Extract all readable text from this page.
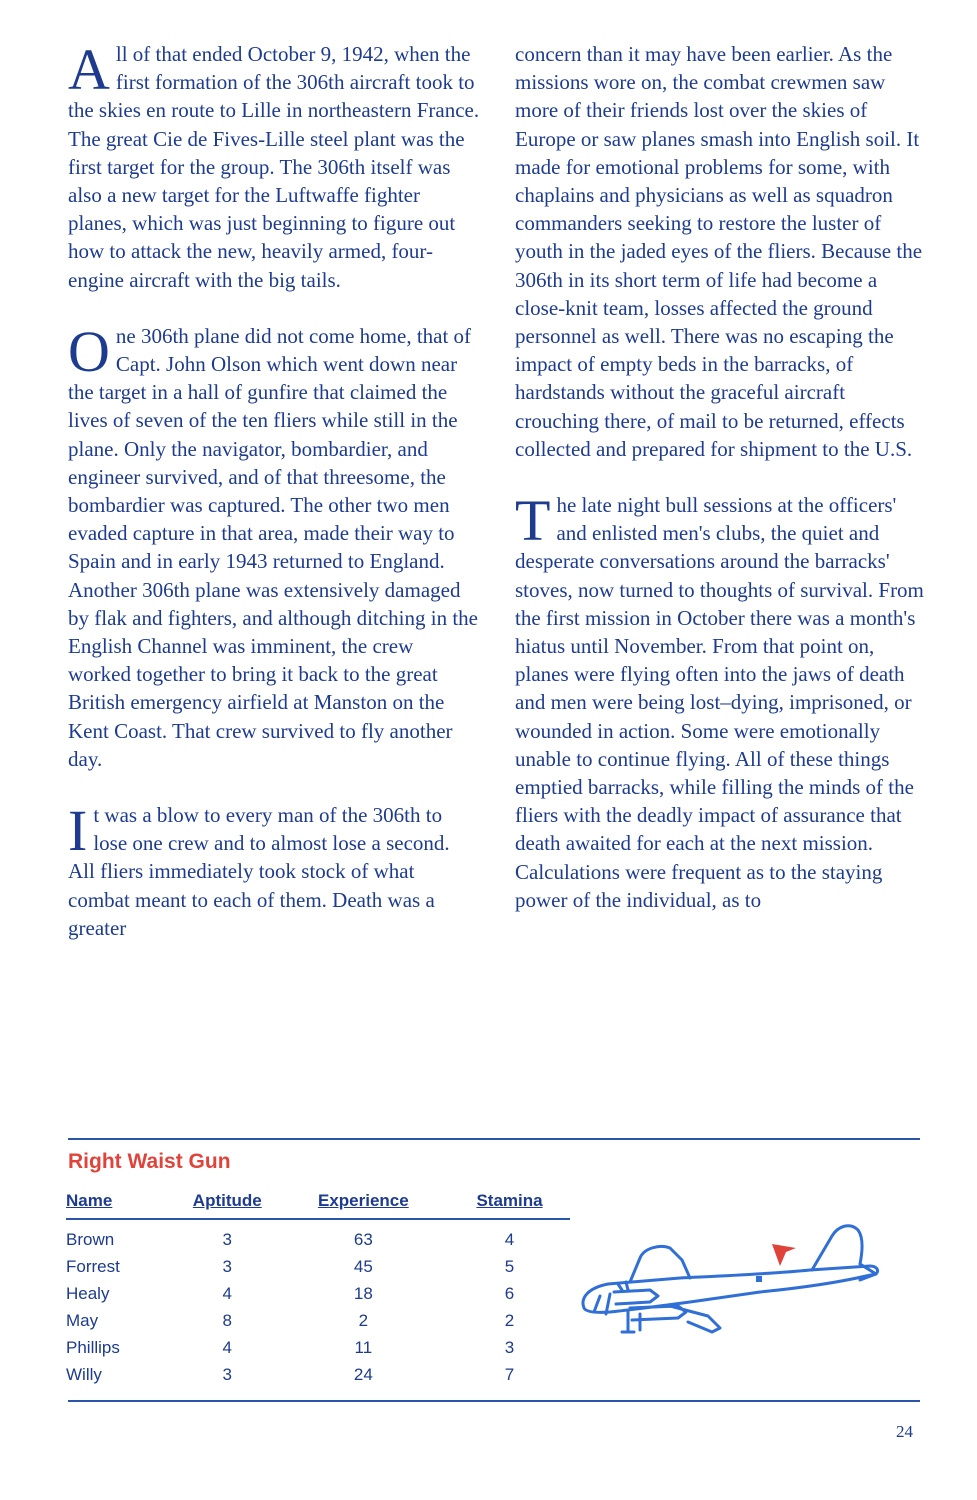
All of that ended October 9, 1942, when the first formation of the 306th aircraft took to the skies en route to Lille in northeastern France. The great Cie de Fives-Lille steel plant was the first target for the group. The 306th itself was also a new target for the Luftwaffe fighter planes, which was just beginning to figure out how to attack the new, heavily armed, four-engine aircraft with the big tails.

One 306th plane did not come home, that of Capt. John Olson which went down near the target in a hall of gunfire that claimed the lives of seven of the ten fliers while still in the plane. Only the navigator, bombardier, and engineer survived, and of that threesome, the bombardier was captured. The other two men evaded capture in that area, made their way to Spain and in early 1943 returned to England. Another 306th plane was extensively damaged by flak and fighters, and although ditching in the English Channel was imminent, the crew worked together to bring it back to the great British emergency airfield at Manston on the Kent Coast. That crew survived to fly another day.

It was a blow to every man of the 306th to lose one crew and to almost lose a second. All fliers immediately took stock of what combat meant to each of them. Death was a greater

concern than it may have been earlier. As the missions wore on, the combat crewmen saw more of their friends lost over the skies of Europe or saw planes smash into English soil. It made for emotional problems for some, with chaplains and physicians as well as squadron commanders seeking to restore the luster of youth in the jaded eyes of the fliers. Because the 306th in its short term of life had become a close-knit team, losses affected the ground personnel as well. There was no escaping the impact of empty beds in the barracks, of hardstands without the graceful aircraft crouching there, of mail to be returned, effects collected and prepared for shipment to the U.S.

The late night bull sessions at the officers' and enlisted men's clubs, the quiet and desperate conversations around the barracks' stoves, now turned to thoughts of survival. From the first mission in October there was a month's hiatus until November. From that point on, planes were flying often into the jaws of death and men were being lost–dying, imprisoned, or wounded in action. Some were emotionally unable to continue flying. All of these things emptied barracks, while filling the minds of the fliers with the deadly impact of assurance that death awaited for each at the next mission. Calculations were frequent as to the staying power of the individual, as to

Right Waist Gun
Name	Aptitude	Experience	Stamina
Brown	3	63	4
Forrest	3	45	5
Healy	4	18	6
May	8	2	2
Phillips	4	11	3
Willy	3	24	7
24
